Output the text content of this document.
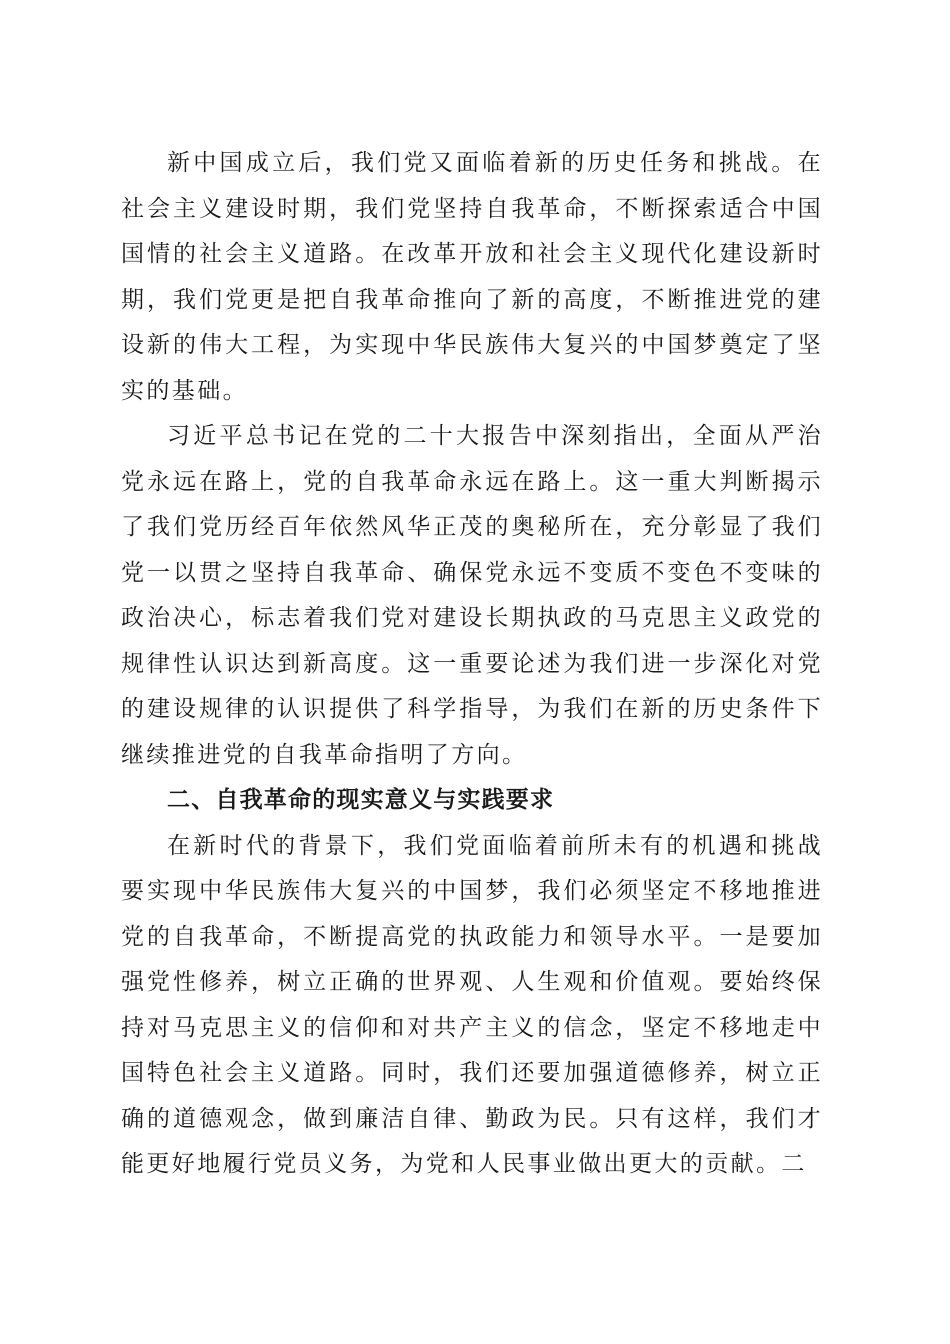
新中国成立后，我们党又面临着新的历史任务和挑战。在社会主义建设时期，我们党坚持自我革命，不断探索适合中国国情的社会主义道路。在改革开放和社会主义现代化建设新时期，我们党更是把自我革命推向了新的高度，不断推进党的建设新的伟大工程，为实现中华民族伟大复兴的中国梦奠定了坚实的基础。

习近平总书记在党的二十大报告中深刻指出，全面从严治党永远在路上，党的自我革命永远在路上。这一重大判断揭示了我们党历经百年依然风华正茂的奥秘所在，充分彰显了我们党一以贯之坚持自我革命、确保党永远不变质不变色不变味的政治决心，标志着我们党对建设长期执政的马克思主义政党的规律性认识达到新高度。这一重要论述为我们进一步深化对党的建设规律的认识提供了科学指导，为我们在新的历史条件下继续推进党的自我革命指明了方向。

二、自我革命的现实意义与实践要求

在新时代的背景下，我们党面临着前所未有的机遇和挑战要实现中华民族伟大复兴的中国梦，我们必须坚定不移地推进党的自我革命，不断提高党的执政能力和领导水平。一是要加强党性修养，树立正确的世界观、人生观和价值观。要始终保持对马克思主义的信仰和对共产主义的信念，坚定不移地走中国特色社会主义道路。同时，我们还要加强道德修养，树立正确的道德观念，做到廉洁自律、勤政为民。只有这样，我们才能更好地履行党员义务，为党和人民事业做出更大的贡献。二
